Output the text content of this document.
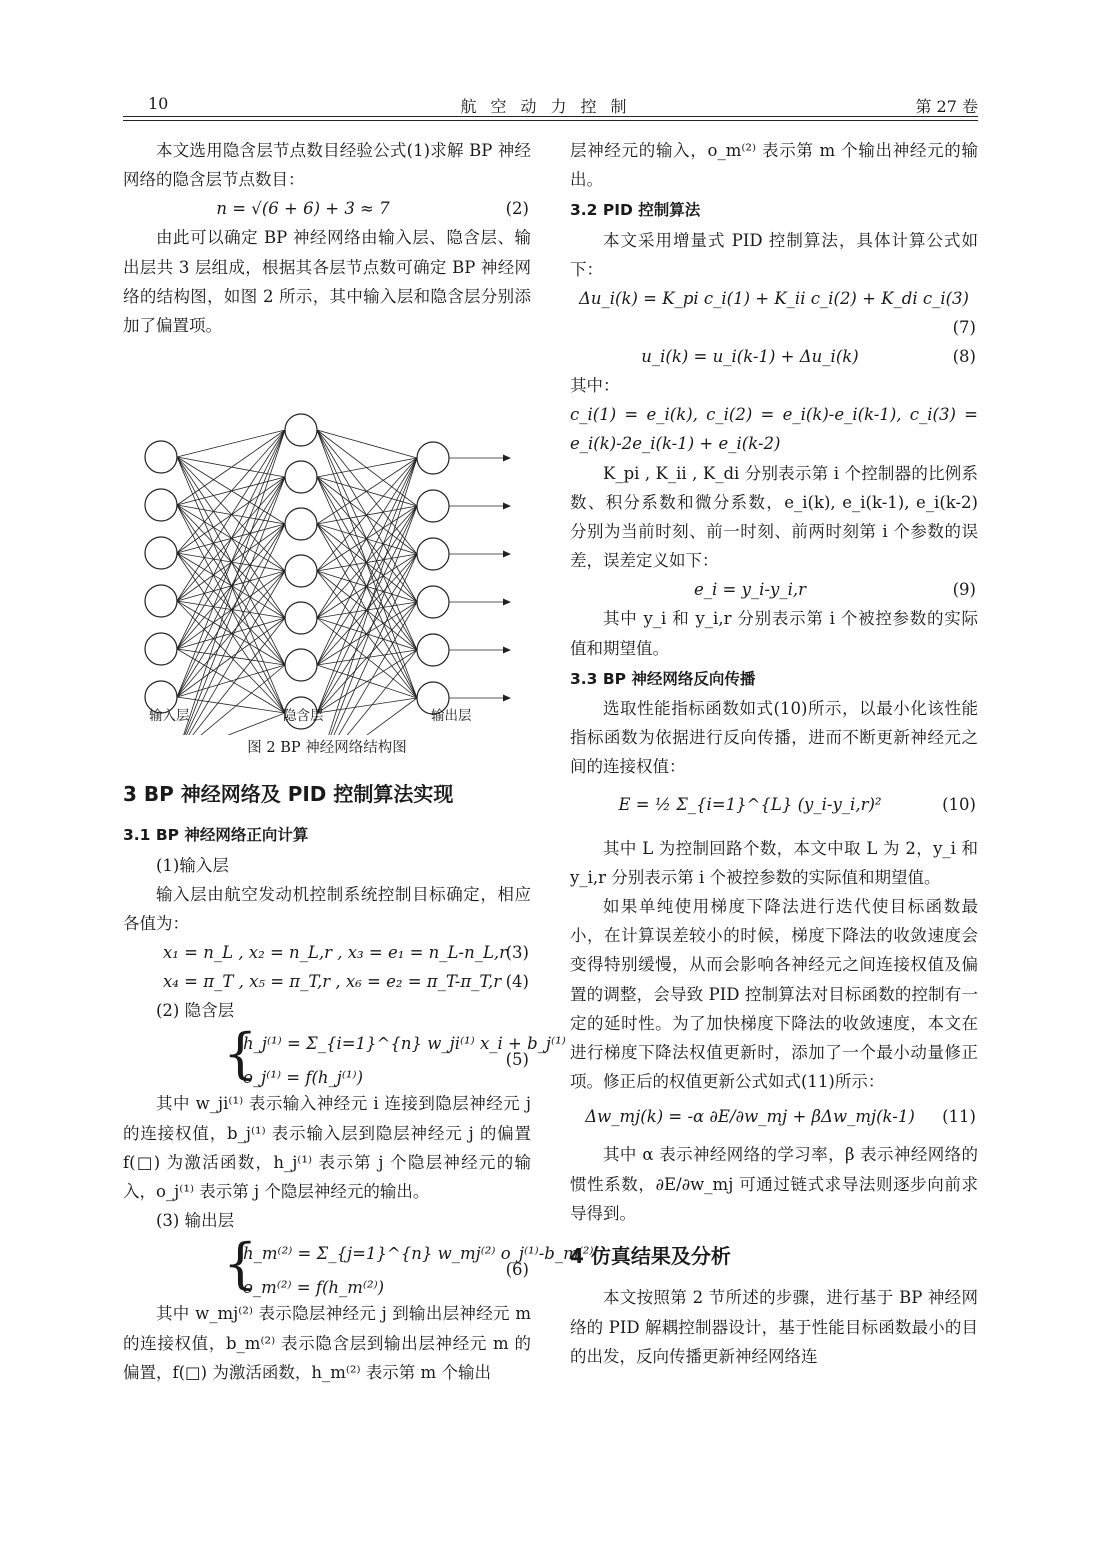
10	航空动力控制	第 27 卷

本文选用隐含层节点数目经验公式(1)求解 BP 神经网络的隐含层节点数目：

n = √(6 + 6) + 3 ≈ 7	(2)

由此可以确定 BP 神经网络由输入层、隐含层、输出层共 3 层组成，根据其各层节点数可确定 BP 神经网络的结构图，如图 2 所示，其中输入层和隐含层分别添加了偏置项。

输入层	隐含层	输出层
图 2 BP 神经网络结构图
3 BP 神经网络及 PID 控制算法实现
3.1 BP 神经网络正向计算

(1)输入层

输入层由航空发动机控制系统控制目标确定，相应各值为：

x₁ = n_L , x₂ = n_L,r , x₃ = e₁ = n_L-n_L,r
(3)
x₄ = π_T , x₅ = π_T,r , x₆ = e₂ = π_T-π_T,r (4)

(2) 隐含层

{
h_j⁽¹⁾ = Σ_{i=1}^{n} w_ji⁽¹⁾ x_i + b_j⁽¹⁾
o_j⁽¹⁾ = f(h_j⁽¹⁾)
(5)

其中 w_ji⁽¹⁾ 表示输入神经元 i 连接到隐层神经元 j 的连接权值，b_j⁽¹⁾ 表示输入层到隐层神经元 j 的偏置 f(□) 为激活函数，h_j⁽¹⁾ 表示第 j 个隐层神经元的输入，o_j⁽¹⁾ 表示第 j 个隐层神经元的输出。

(3) 输出层

{
h_m⁽²⁾ = Σ_{j=1}^{n} w_mj⁽²⁾ o_j⁽¹⁾-b_m⁽²⁾
o_m⁽²⁾ = f(h_m⁽²⁾)
(6)

其中 w_mj⁽²⁾ 表示隐层神经元 j 到输出层神经元 m 的连接权值，b_m⁽²⁾ 表示隐含层到输出层神经元 m 的偏置，f(□) 为激活函数，h_m⁽²⁾ 表示第 m 个输出

层神经元的输入，o_m⁽²⁾ 表示第 m 个输出神经元的输出。

3.2 PID 控制算法

本文采用增量式 PID 控制算法，具体计算公式如下：

Δu_i(k) = K_pi c_i(1) + K_ii c_i(2) + K_di c_i(3)
(7)
u_i(k) = u_i(k-1) + Δu_i(k)	(8)

其中：

c_i(1) = e_i(k), c_i(2) = e_i(k)-e_i(k-1), c_i(3) = e_i(k)-2e_i(k-1) + e_i(k-2)

K_pi , K_ii , K_di 分别表示第 i 个控制器的比例系数、积分系数和微分系数，e_i(k), e_i(k-1), e_i(k-2) 分别为当前时刻、前一时刻、前两时刻第 i 个参数的误差，误差定义如下：

e_i = y_i-y_i,r	(9)

其中 y_i 和 y_i,r 分别表示第 i 个被控参数的实际值和期望值。

3.3 BP 神经网络反向传播

选取性能指标函数如式(10)所示，以最小化该性能指标函数为依据进行反向传播，进而不断更新神经元之间的连接权值：

E = ½ Σ_{i=1}^{L} (y_i-y_i,r)²	(10)

其中 L 为控制回路个数，本文中取 L 为 2，y_i 和 y_i,r 分别表示第 i 个被控参数的实际值和期望值。

如果单纯使用梯度下降法进行迭代使目标函数最小，在计算误差较小的时候，梯度下降法的收敛速度会变得特别缓慢，从而会影响各神经元之间连接权值及偏置的调整，会导致 PID 控制算法对目标函数的控制有一定的延时性。为了加快梯度下降法的收敛速度，本文在进行梯度下降法权值更新时，添加了一个最小动量修正项。修正后的权值更新公式如式(11)所示：

Δw_mj(k) = -α ∂E/∂w_mj + βΔw_mj(k-1)	(11)

其中 α 表示神经网络的学习率，β 表示神经网络的惯性系数，∂E/∂w_mj 可通过链式求导法则逐步向前求导得到。

4 仿真结果及分析

本文按照第 2 节所述的步骤，进行基于 BP 神经网络的 PID 解耦控制器设计，基于性能目标函数最小的目的出发，反向传播更新神经网络连
